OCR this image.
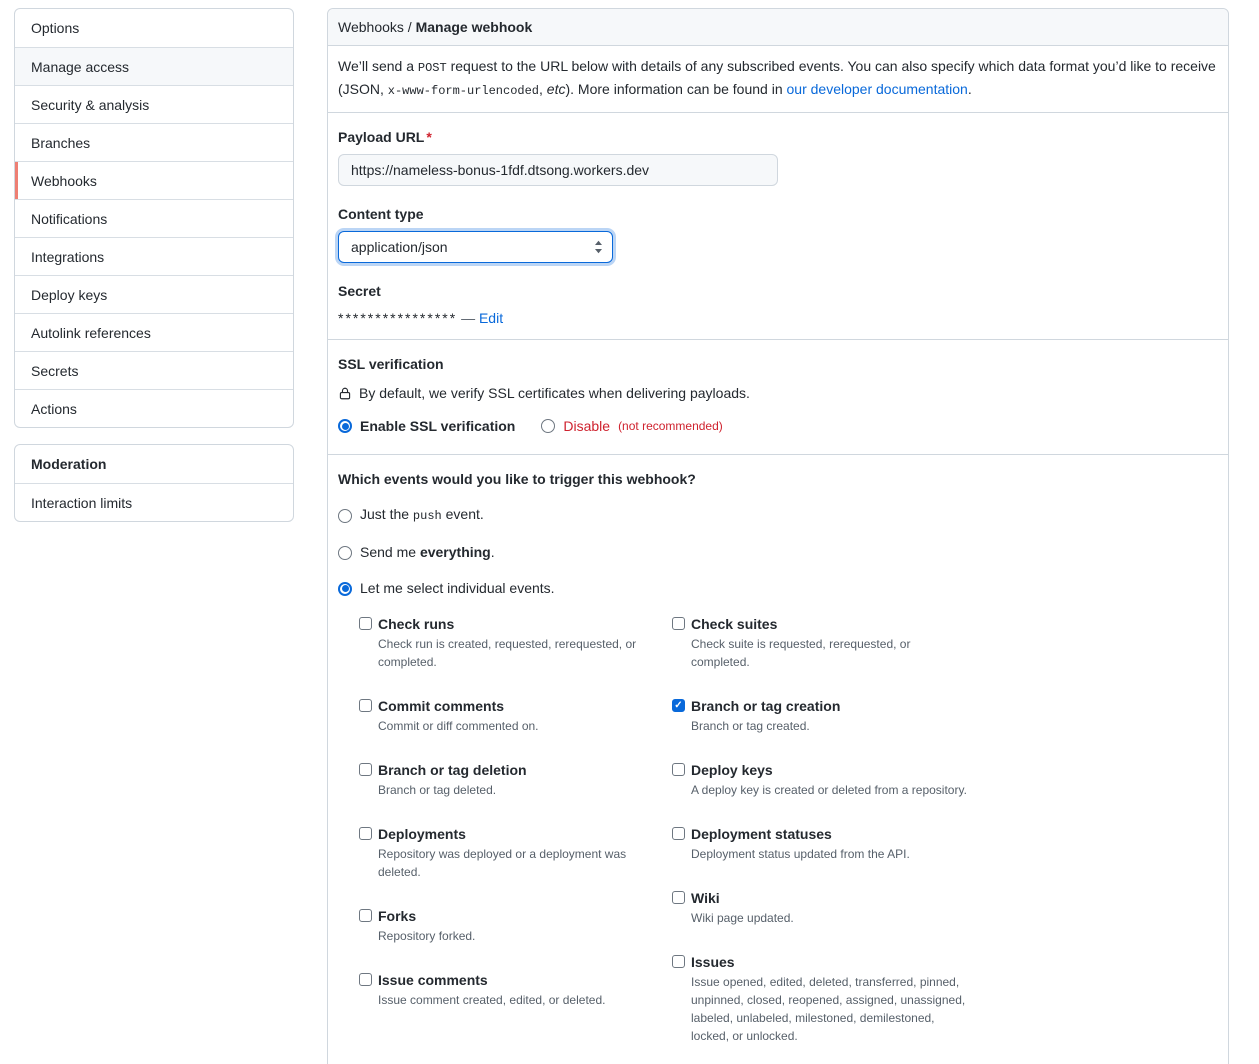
Options
Manage access
Security & analysis
Branches
Webhooks
Notifications
Integrations
Deploy keys
Autolink references
Secrets
Actions
Moderation
Interaction limits
Webhooks / Manage webhook

We’ll send a POST request to the URL below with details of any subscribed events. You can also specify which data format you’d like to receive (JSON, x-www-form-urlencoded, etc). More information can be found in our developer documentation.

Payload URL *
https://nameless-bonus-1fdf.dtsong.workers.dev
Content type
application/json
Secret
**************** — Edit
SSL verification
By default, we verify SSL certificates when delivering payloads.
Enable SSL verification	Disable (not recommended)
Which events would you like to trigger this webhook?
Just the push event.
Send me everything.
Let me select individual events.
Check runs
Check run is created, requested, rerequested, or completed.
Commit comments
Commit or diff commented on.
Branch or tag deletion
Branch or tag deleted.
Deployments
Repository was deployed or a deployment was deleted.
Forks
Repository forked.
Issue comments
Issue comment created, edited, or deleted.
Check suites
Check suite is requested, rerequested, or completed.
✓
Branch or tag creation
Branch or tag created.
Deploy keys
A deploy key is created or deleted from a repository.
Deployment statuses
Deployment status updated from the API.
Wiki
Wiki page updated.
Issues
Issue opened, edited, deleted, transferred, pinned, unpinned, closed, reopened, assigned, unassigned, labeled, unlabeled, milestoned, demilestoned, locked, or unlocked.
